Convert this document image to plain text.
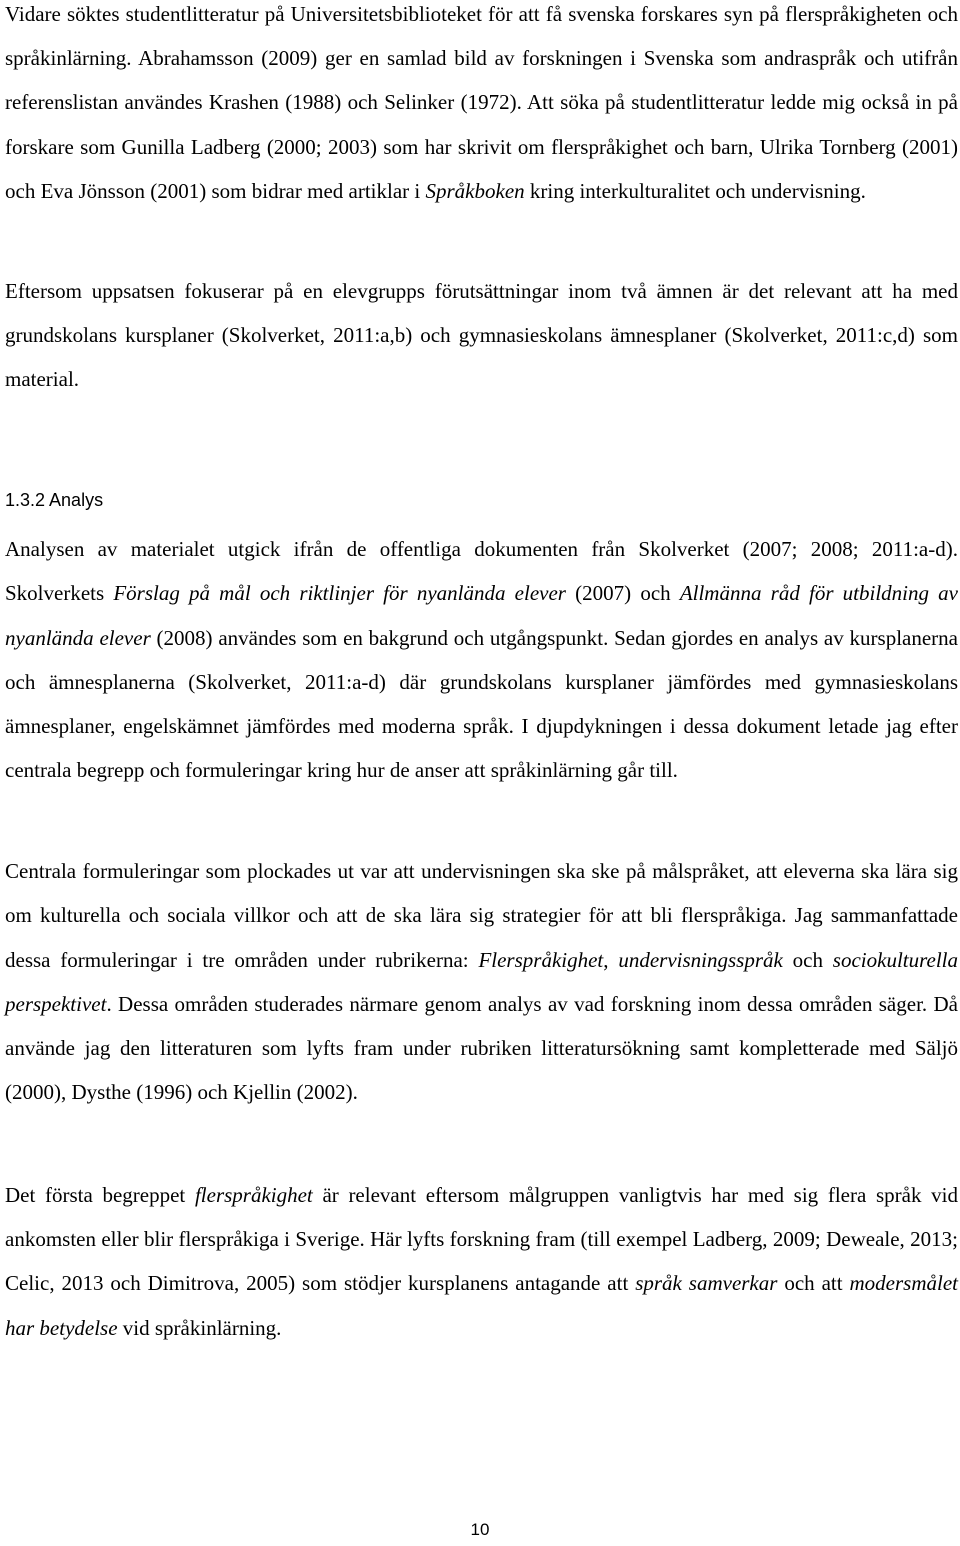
Vidare söktes studentlitteratur på Universitetsbiblioteket för att få svenska forskares syn på flerspråkigheten och språkinlärning. Abrahamsson (2009) ger en samlad bild av forskningen i Svenska som andraspråk och utifrån referenslistan användes Krashen (1988) och Selinker (1972). Att söka på studentlitteratur ledde mig också in på forskare som Gunilla Ladberg (2000; 2003) som har skrivit om flerspråkighet och barn, Ulrika Tornberg (2001) och Eva Jönsson (2001) som bidrar med artiklar i Språkboken kring interkulturalitet och undervisning.

Eftersom uppsatsen fokuserar på en elevgrupps förutsättningar inom två ämnen är det relevant att ha med grundskolans kursplaner (Skolverket, 2011:a,b) och gymnasieskolans ämnesplaner (Skolverket, 2011:c,d) som material.

1.3.2 Analys

Analysen av materialet utgick ifrån de offentliga dokumenten från Skolverket (2007; 2008; 2011:a-d). Skolverkets Förslag på mål och riktlinjer för nyanlända elever (2007) och Allmänna råd för utbildning av nyanlända elever (2008) användes som en bakgrund och utgångspunkt. Sedan gjordes en analys av kursplanerna och ämnesplanerna (Skolverket, 2011:a-d) där grundskolans kursplaner jämfördes med gymnasieskolans ämnesplaner, engelskämnet jämfördes med moderna språk. I djupdykningen i dessa dokument letade jag efter centrala begrepp och formuleringar kring hur de anser att språkinlärning går till.

Centrala formuleringar som plockades ut var att undervisningen ska ske på målspråket, att eleverna ska lära sig om kulturella och sociala villkor och att de ska lära sig strategier för att bli flerspråkiga. Jag sammanfattade dessa formuleringar i tre områden under rubrikerna: Flerspråkighet, undervisningsspråk och sociokulturella perspektivet. Dessa områden studerades närmare genom analys av vad forskning inom dessa områden säger. Då använde jag den litteraturen som lyfts fram under rubriken litteratursökning samt kompletterade med Säljö (2000), Dysthe (1996) och Kjellin (2002).

Det första begreppet flerspråkighet är relevant eftersom målgruppen vanligtvis har med sig flera språk vid ankomsten eller blir flerspråkiga i Sverige. Här lyfts forskning fram (till exempel Ladberg, 2009; Deweale, 2013; Celic, 2013 och Dimitrova, 2005) som stödjer kursplanens antagande att språk samverkar och att modersmålet har betydelse vid språkinlärning.

10
